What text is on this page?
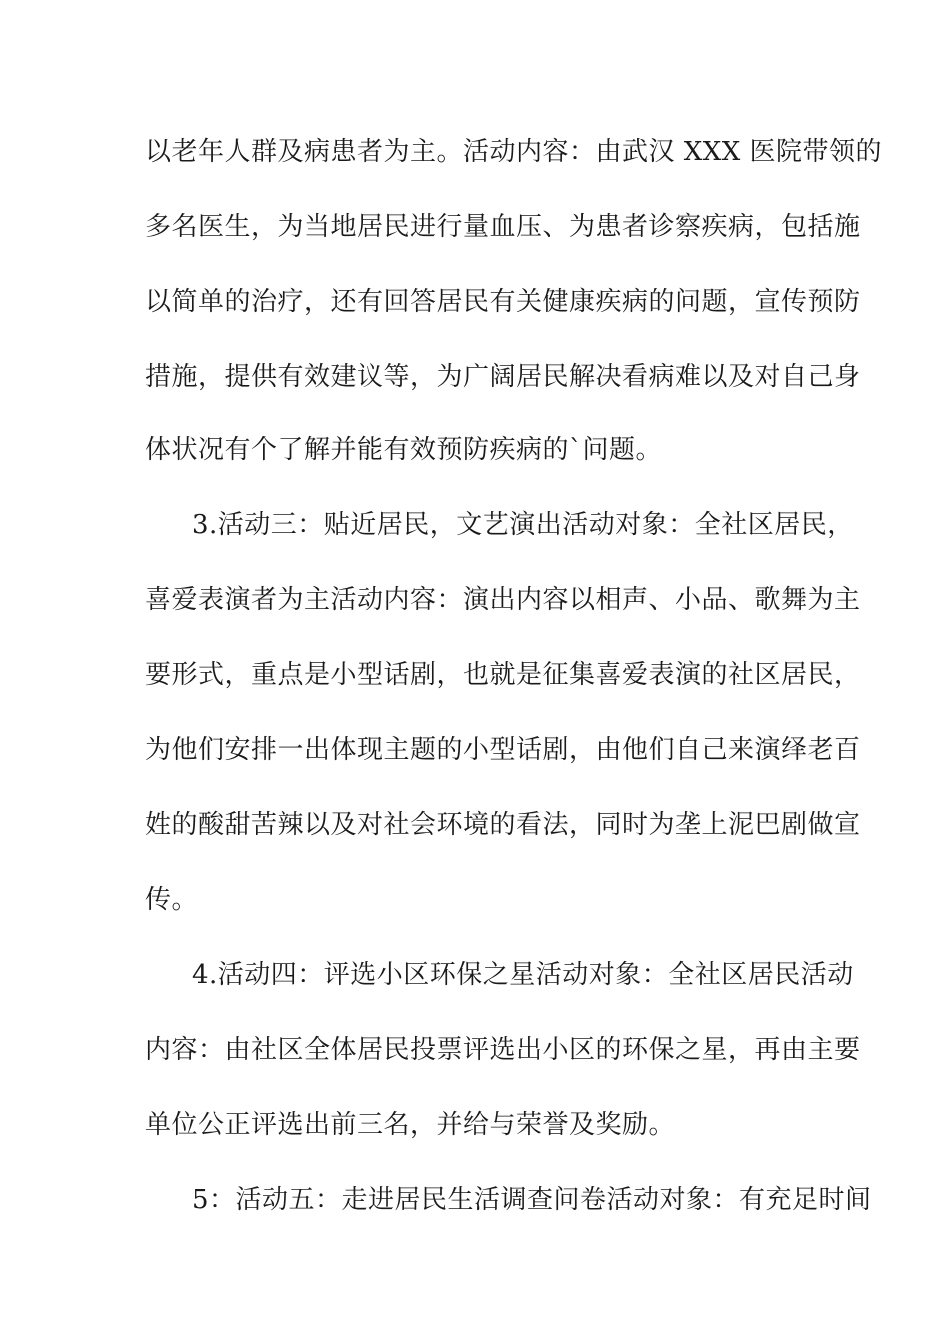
以老年人群及病患者为主。活动内容：由武汉 XXX 医院带领的
多名医生，为当地居民进行量血压、为患者诊察疾病，包括施
以简单的治疗，还有回答居民有关健康疾病的问题，宣传预防
措施，提供有效建议等，为广阔居民解决看病难以及对自己身
体状况有个了解并能有效预防疾病的`问题。
3.活动三：贴近居民，文艺演出活动对象：全社区居民，
喜爱表演者为主活动内容：演出内容以相声、小品、歌舞为主
要形式，重点是小型话剧，也就是征集喜爱表演的社区居民，
为他们安排一出体现主题的小型话剧，由他们自己来演绎老百
姓的酸甜苦辣以及对社会环境的看法，同时为垄上泥巴剧做宣
传。
4.活动四：评选小区环保之星活动对象：全社区居民活动
内容：由社区全体居民投票评选出小区的环保之星，再由主要
单位公正评选出前三名，并给与荣誉及奖励。
5：活动五：走进居民生活调查问卷活动对象：有充足时间
